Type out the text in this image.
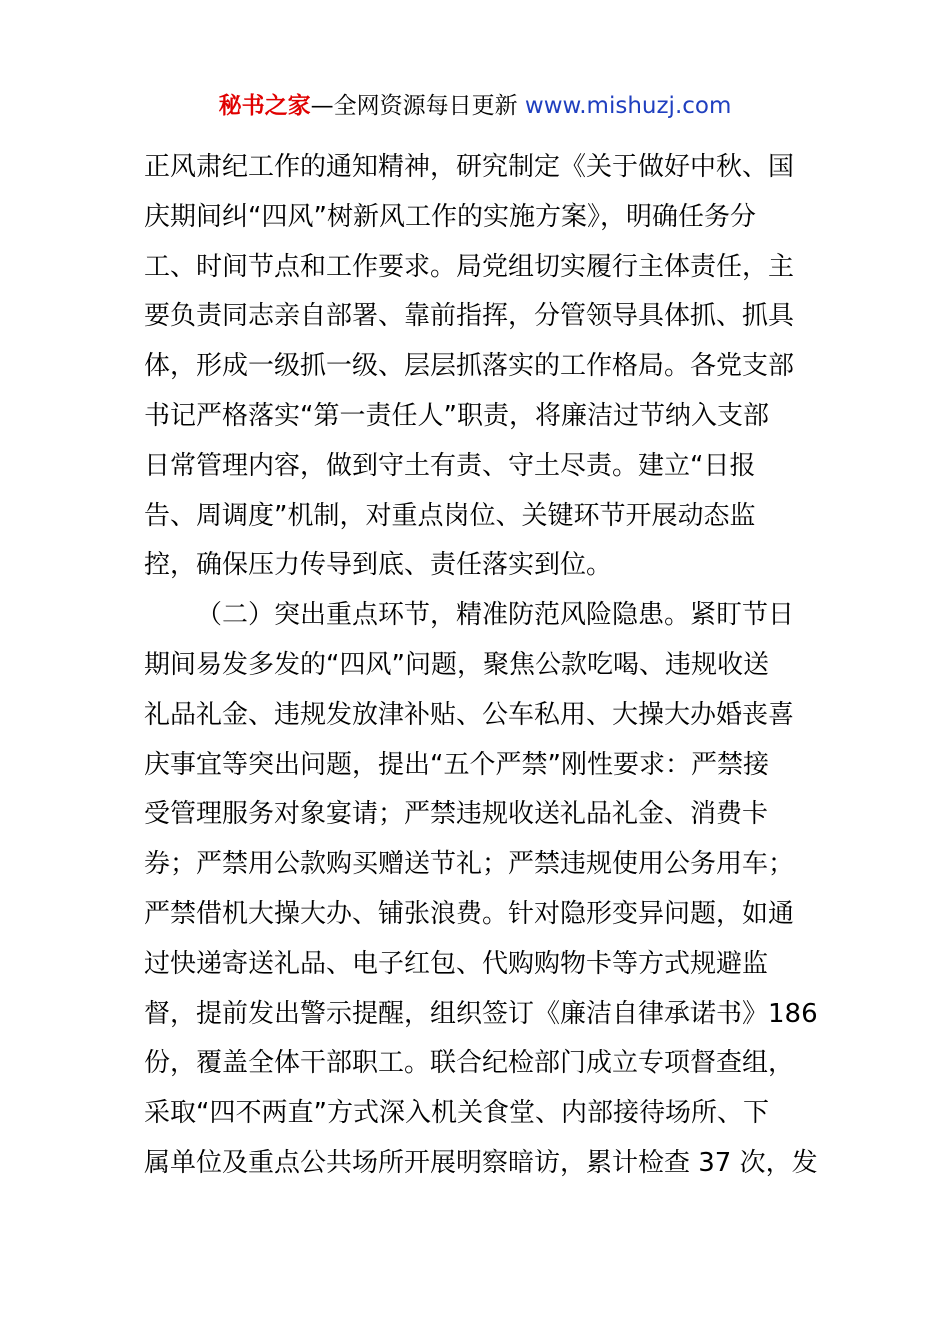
秘书之家—全网资源每日更新 www.mishuzj.com
正风肃纪工作的通知精神，研究制定《关于做好中秋、国
庆期间纠“四风”树新风工作的实施方案》，明确任务分
工、时间节点和工作要求。局党组切实履行主体责任，主
要负责同志亲自部署、靠前指挥，分管领导具体抓、抓具
体，形成一级抓一级、层层抓落实的工作格局。各党支部
书记严格落实“第一责任人”职责，将廉洁过节纳入支部
日常管理内容，做到守土有责、守土尽责。建立“日报
告、周调度”机制，对重点岗位、关键环节开展动态监
控，确保压力传导到底、责任落实到位。
（二）突出重点环节，精准防范风险隐患。紧盯节日
期间易发多发的“四风”问题，聚焦公款吃喝、违规收送
礼品礼金、违规发放津补贴、公车私用、大操大办婚丧喜
庆事宜等突出问题，提出“五个严禁”刚性要求：严禁接
受管理服务对象宴请；严禁违规收送礼品礼金、消费卡
券；严禁用公款购买赠送节礼；严禁违规使用公务用车；
严禁借机大操大办、铺张浪费。针对隐形变异问题，如通
过快递寄送礼品、电子红包、代购购物卡等方式规避监
督，提前发出警示提醒，组织签订《廉洁自律承诺书》186
份，覆盖全体干部职工。联合纪检部门成立专项督查组，
采取“四不两直”方式深入机关食堂、内部接待场所、下
属单位及重点公共场所开展明察暗访，累计检查 37 次，发
